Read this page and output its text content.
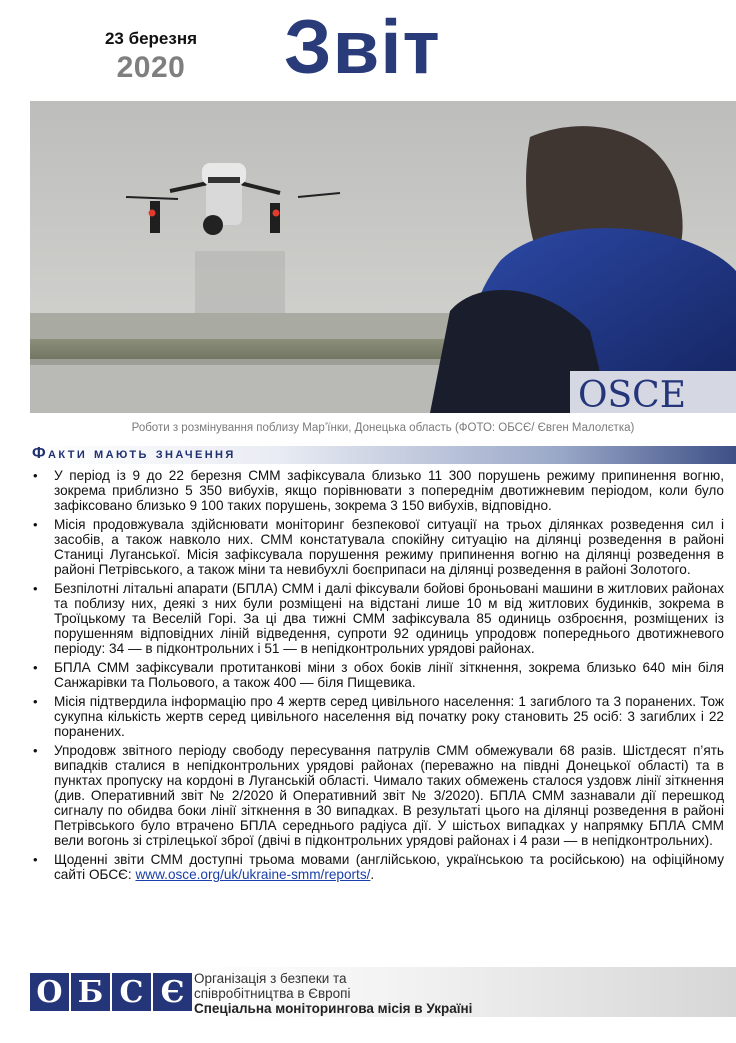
23 березня
2020 Звіт
OSCE
Роботи з розмінування поблизу Мар’їнки, Донецька область (ФОТО: ОБСЄ/ Євген Малолєтка)
Факти мають значення
• У період із 9 до 22 березня СММ зафіксувала близько 11 300 порушень режиму припинення вогню, зокрема приблизно 5 350 вибухів, якщо порівнювати з попереднім двотижневим періодом, коли було зафіксовано близько 9 100 таких порушень, зокрема 3 150 вибухів, відповідно.
• Місія продовжувала здійснювати моніторинг безпекової ситуації на трьох ділянках розведення сил і засобів, а також навколо них. СММ констатувала спокійну ситуацію на ділянці розведення в районі Станиці Луганської. Місія зафіксувала порушення режиму припинення вогню на ділянці розведення в районі Петрівського, а також міни та невибухлі боєприпаси на ділянці розведення в районі Золотого.
• Безпілотні літальні апарати (БПЛА) СММ і далі фіксували бойові броньовані машини в житлових районах та поблизу них, деякі з них були розміщені на відстані лише 10 м від житлових будинків, зокрема в Троїцькому та Веселій Горі. За ці два тижні СММ зафіксувала 85 одиниць озброєння, розміщених із порушенням відповідних ліній відведення, супроти 92 одиниць упродовж попереднього двотижневого періоду: 34 — в підконтрольних і 51 — в непідконтрольних урядові районах.
• БПЛА СММ зафіксували протитанкові міни з обох боків лінії зіткнення, зокрема близько 640 мін біля Санжарівки та Польового, а також 400 — біля Пищевика.
• Місія підтвердила інформацію про 4 жертв серед цивільного населення: 1 загиблого та 3 поранених. Тож сукупна кількість жертв серед цивільного населення від початку року становить 25 осіб: 3 загиблих і 22 поранених.
• Упродовж звітного періоду свободу пересування патрулів СММ обмежували 68 разів. Шістдесят п’ять випадків сталися в непідконтрольних урядові районах (переважно на півдні Донецької області) та в пунктах пропуску на кордоні в Луганській області. Чимало таких обмежень сталося уздовж лінії зіткнення (див. Оперативний звіт № 2/2020 й Оперативний звіт № 3/2020). БПЛА СММ зазнавали дії перешкод сигналу по обидва боки лінії зіткнення в 30 випадках. В результаті цього на ділянці розведення в районі Петрівського було втрачено БПЛА середнього радіуса дії. У шістьох випадках у напрямку БПЛА СММ вели вогонь зі стрілецької зброї (двічі в підконтрольних урядові районах і 4 рази — в непідконтрольних).
• Щоденні звіти СММ доступні трьома мовами (англійською, українською та російською) на офіційному сайті ОБСЄ: www.osce.org/uk/ukraine-smm/reports/.
О Б С Є Організація з безпеки та
співробітництва в Європі
Спеціальна моніторингова місія в Україні
